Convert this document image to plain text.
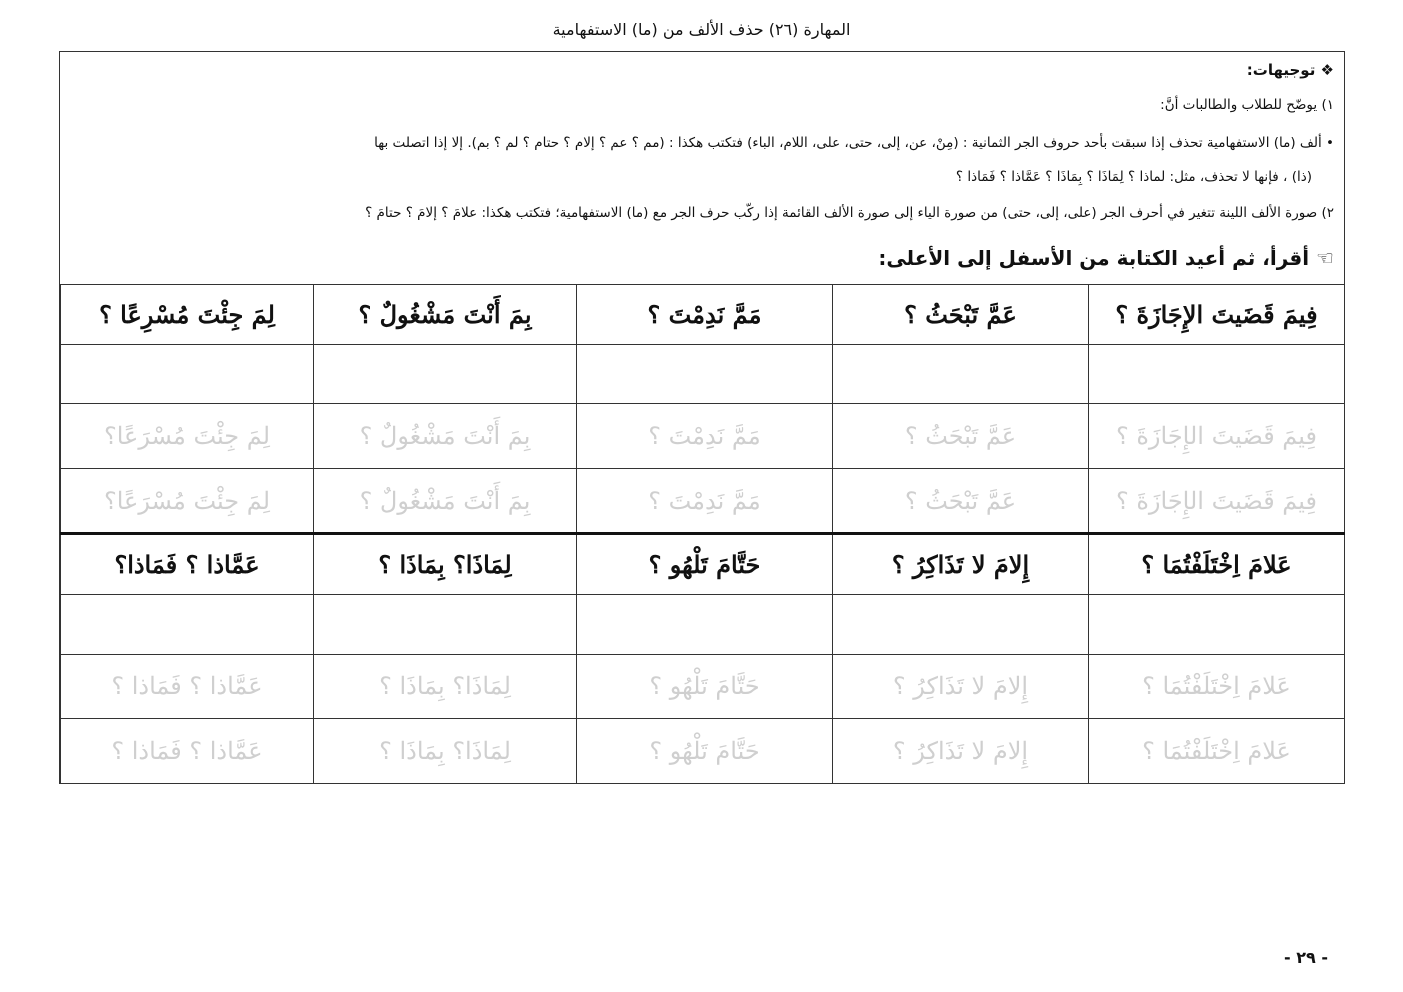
المهارة (٢٦) حذف الألف من (ما) الاستفهامية
❖ توجيهات:
١) يوضّح للطلاب والطالبات أنَّ:
• ألف (ما) الاستفهامية تحذف إذا سبقت بأحد حروف الجر الثمانية : (مِنْ، عن، إلى، حتى، على، اللام، الباء) فتكتب هكذا : (مم ؟ عم ؟ إلام ؟ حتام ؟ لم ؟ بم). إلا إذا اتصلت بها
(ذا) ، فإنها لا تحذف، مثل: لماذا ؟ لِمَاذَا ؟ بِمَاذَا ؟ عَمَّاذا ؟ فَمَاذا ؟
٢) صورة الألف اللينة تتغير في أحرف الجر (على، إلى، حتى) من صورة الياء إلى صورة الألف القائمة إذا ركّب حرف الجر مع (ما) الاستفهامية؛ فتكتب هكذا: علامَ ؟ إلامَ ؟ حتامَ ؟
☜ أقرأ، ثم أعيد الكتابة من الأسفل إلى الأعلى:
فِيمَ قَضَيتَ الإِجَازَةَ ؟	عَمَّ تَبْحَثُ ؟	مَمَّ نَدِمْتَ ؟	بِمَ أَنْتَ مَشْغُولٌ ؟	لِمَ جِئْتَ مُسْرِعًا ؟

فِيمَ قَضَيتَ الإِجَازَةَ ؟	عَمَّ تَبْحَثُ ؟	مَمَّ نَدِمْتَ ؟	بِمَ أَنْتَ مَشْغُولٌ ؟	لِمَ جِئْتَ مُسْرَعًا؟
فِيمَ قَضَيتَ الإِجَازَةَ ؟	عَمَّ تَبْحَثُ ؟	مَمَّ نَدِمْتَ ؟	بِمَ أَنْتَ مَشْغُولٌ ؟	لِمَ جِئْتَ مُسْرَعًا؟
عَلامَ اِخْتَلَفْتُمَا ؟	إِلامَ لا تَذَاكِرُ ؟	حَتَّامَ تَلْهُو ؟	لِمَاذَا؟ بِمَاذَا ؟	عَمَّاذا ؟ فَمَاذا؟

عَلامَ اِخْتَلَفْتُمَا ؟	إِلامَ لا تَذَاكِرُ ؟	حَتَّامَ تَلْهُو ؟	لِمَاذَا؟ بِمَاذَا ؟	عَمَّاذا ؟ فَمَاذا ؟
عَلامَ اِخْتَلَفْتُمَا ؟	إِلامَ لا تَذَاكِرُ ؟	حَتَّامَ تَلْهُو ؟	لِمَاذَا؟ بِمَاذَا ؟	عَمَّاذا ؟ فَمَاذا ؟
- ٢٩ -
